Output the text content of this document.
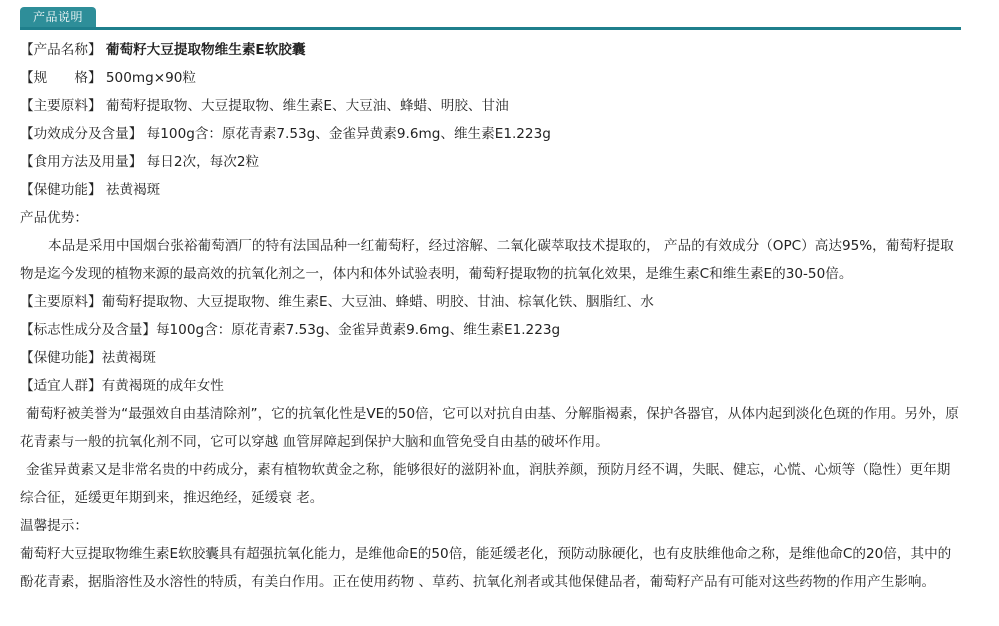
产品说明
【产品名称】 葡萄籽大豆提取物维生素E软胶囊
【规　　格】 500mg×90粒
【主要原料】 葡萄籽提取物、大豆提取物、维生素E、大豆油、蜂蜡、明胶、甘油
【功效成分及含量】 每100g含：原花青素7.53g、金雀异黄素9.6mg、维生素E1.223g
【食用方法及用量】 每日2次，每次2粒
【保健功能】 祛黄褐斑
产品优势：
本品是采用中国烟台张裕葡萄酒厂的特有法国品种一红葡萄籽，经过溶解、二氧化碳萃取技术提取的， 产品的有效成分（OPC）高达95%，葡萄籽提取物是迄今发现的植物来源的最高效的抗氧化剂之一，体内和体外试验表明，葡萄籽提取物的抗氧化效果，是维生素C和维生素E的30-50倍。
【主要原料】葡萄籽提取物、大豆提取物、维生素E、大豆油、蜂蜡、明胶、甘油、棕氧化铁、胭脂红、水
【标志性成分及含量】每100g含：原花青素7.53g、金雀异黄素9.6mg、维生素E1.223g
【保健功能】祛黄褐斑
【适宜人群】有黄褐斑的成年女性
葡萄籽被美誉为“最强效自由基清除剂”，它的抗氧化性是VE的50倍，它可以对抗自由基、分解脂褐素，保护各器官，从体内起到淡化色斑的作用。另外，原花青素与一般的抗氧化剂不同，它可以穿越 血管屏障起到保护大脑和血管免受自由基的破坏作用。
金雀异黄素又是非常名贵的中药成分，素有植物软黄金之称，能够很好的滋阴补血，润肤养颜，预防月经不调，失眠、健忘，心慌、心烦等（隐性）更年期综合征，延缓更年期到来，推迟绝经，延缓衰 老。
温馨提示：
葡萄籽大豆提取物维生素E软胶囊具有超强抗氧化能力，是维他命E的50倍，能延缓老化，预防动脉硬化，也有皮肤维他命之称，是维他命C的20倍，其中的酚花青素，据脂溶性及水溶性的特质，有美白作用。正在使用药物 、草药、抗氧化剂者或其他保健品者，葡萄籽产品有可能对这些药物的作用产生影响。
